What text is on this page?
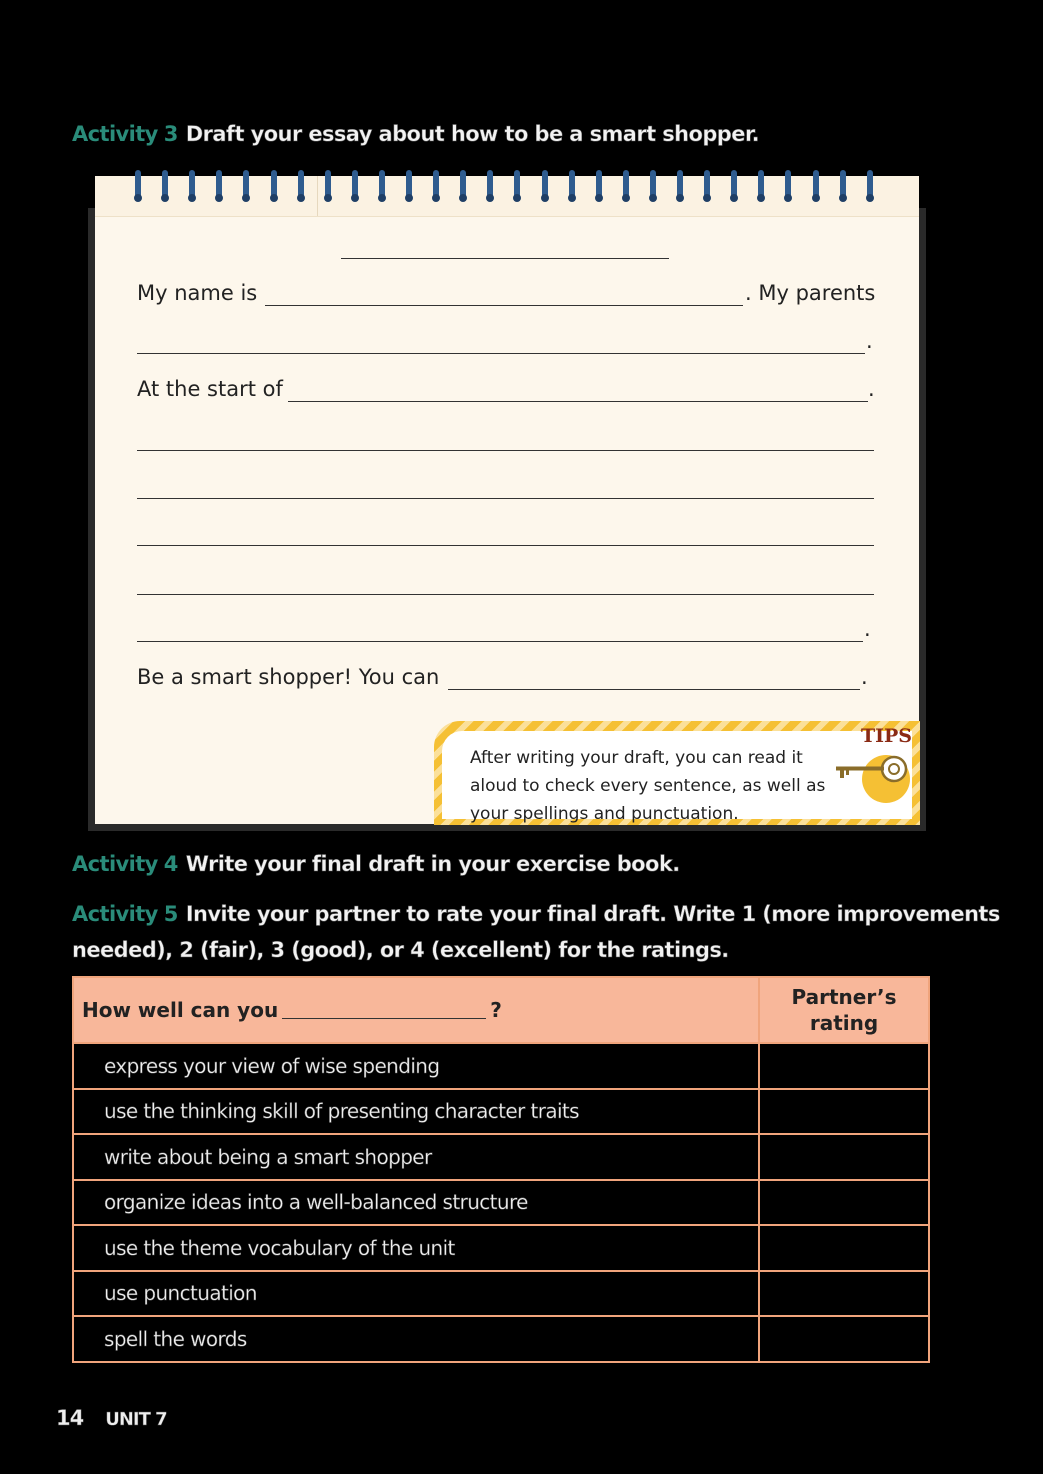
Activity 3 Draft your essay about how to be a smart shopper.
My name is	. My parents
.
At the start of	.
.
Be a smart shopper! You can	.
After writing your draft, you can read it aloud to check every sentence, as well as your spellings and punctuation.
TIPS
Activity 4 Write your final draft in your exercise book.
Activity 5 Invite your partner to rate your final draft. Write 1 (more improvements
needed), 2 (fair), 3 (good), or 4 (excellent) for the ratings.
How well can you ?	Partner’s rating
express your view of wise spending	
use the thinking skill of presenting character traits	
write about being a smart shopper	
organize ideas into a well-balanced structure	
use the theme vocabulary of the unit	
use punctuation	
spell the words	
14 UNIT 7
